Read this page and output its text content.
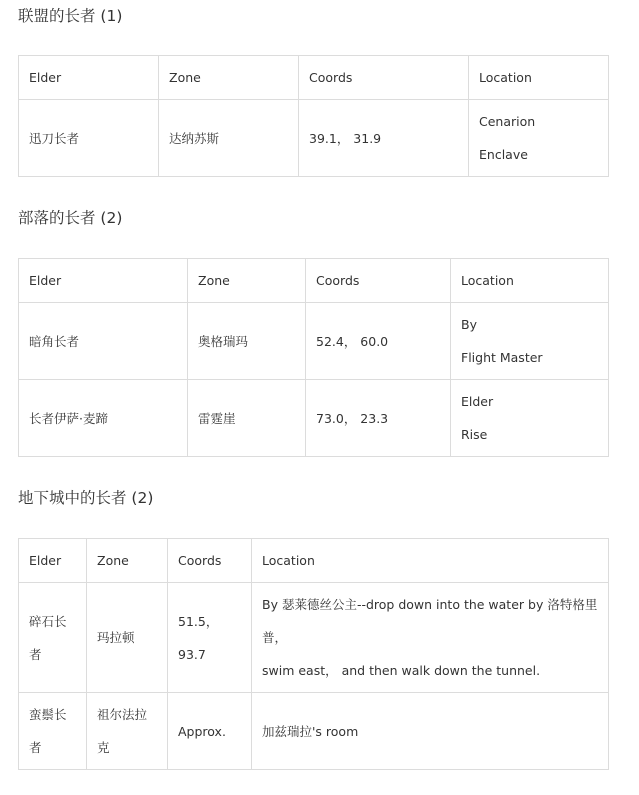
联盟的长者 (1)
Elder	Zone	Coords	Location
迅刀长者	达纳苏斯	39.1， 31.9	Cenarion
Enclave
部落的长者 (2)
Elder	Zone	Coords	Location
暗角长者	奥格瑞玛	52.4， 60.0	By
Flight Master

长者伊萨·麦蹄	雷霆崖	73.0， 23.3	Elder
Rise
地下城中的长者 (2)
Elder	Zone	Coords	Location

碎石长
者	玛拉顿	51.5，
93.7	By 瑟莱德丝公主--drop down into the water by 洛特格里
普，
swim east， and then walk down the tunnel.

蛮鬃长
者	祖尔法拉
克	Approx.	加兹瑞拉's room
